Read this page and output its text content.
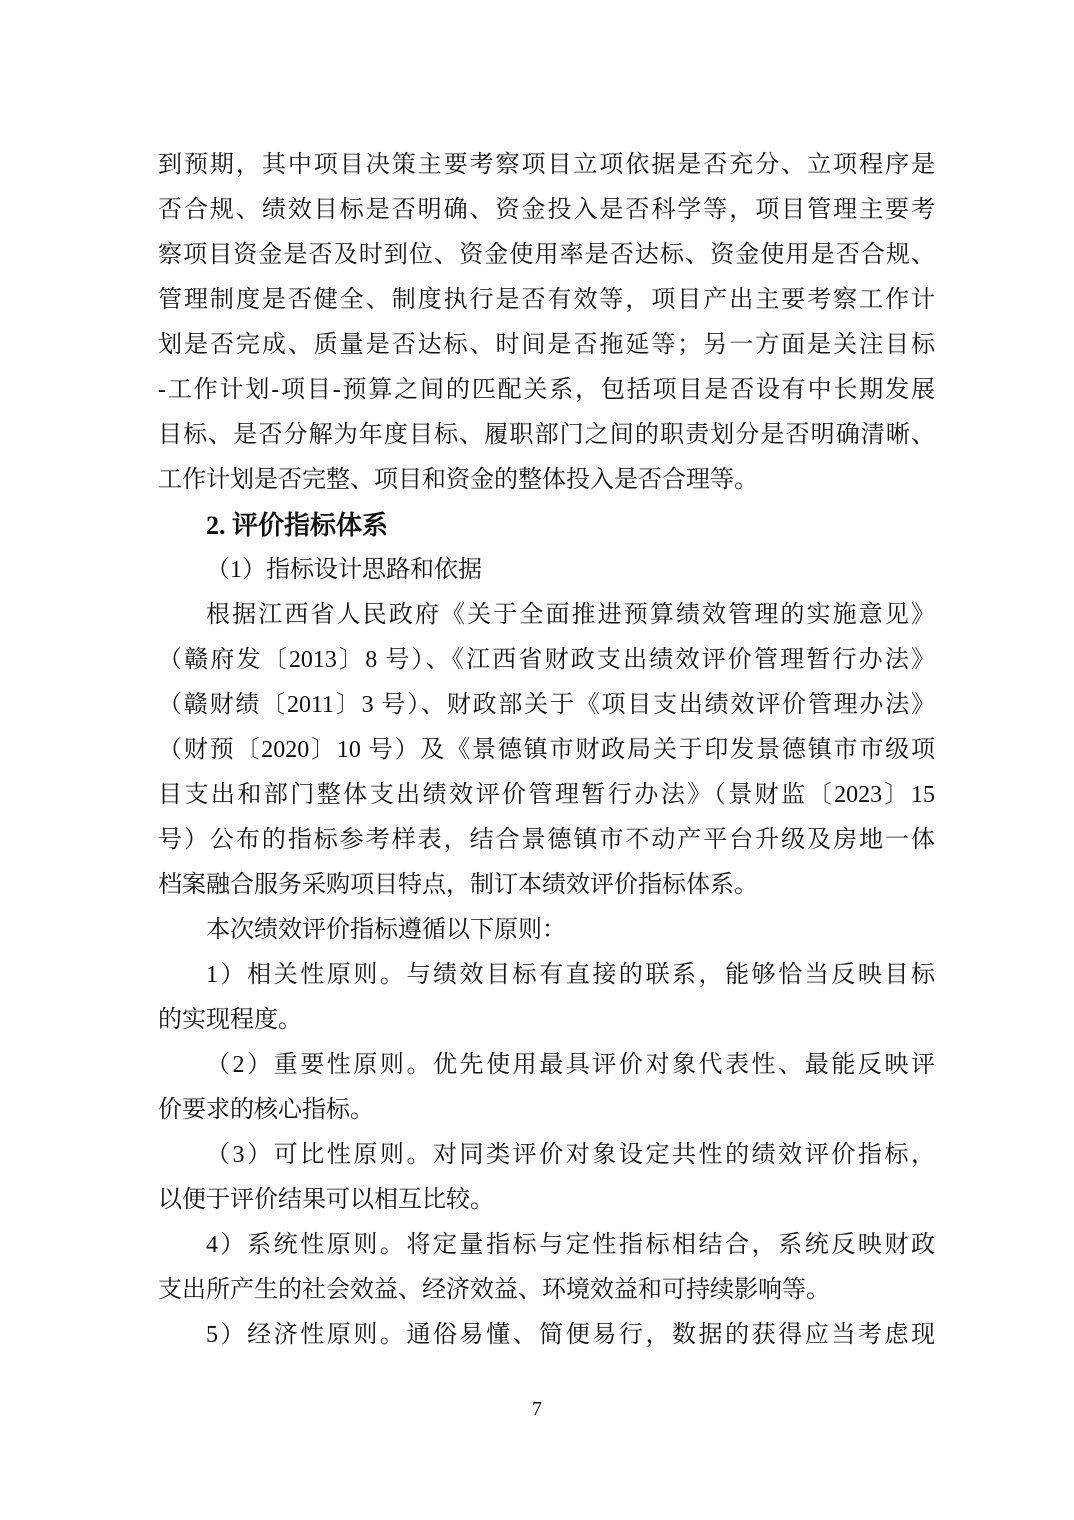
到预期，其中项目决策主要考察项目立项依据是否充分、立项程序是
否合规、绩效目标是否明确、资金投入是否科学等，项目管理主要考
察项目资金是否及时到位、资金使用率是否达标、资金使用是否合规、
管理制度是否健全、制度执行是否有效等，项目产出主要考察工作计
划是否完成、质量是否达标、时间是否拖延等；另一方面是关注目标
-工作计划-项目-预算之间的匹配关系，包括项目是否设有中长期发展
目标、是否分解为年度目标、履职部门之间的职责划分是否明确清晰、
工作计划是否完整、项目和资金的整体投入是否合理等。
2. 评价指标体系
（1）指标设计思路和依据
根据江西省人民政府《关于全面推进预算绩效管理的实施意见》
（赣府发〔2013〕8 号）、《江西省财政支出绩效评价管理暂行办法》
（赣财绩〔2011〕3 号）、财政部关于《项目支出绩效评价管理办法》
（财预〔2020〕10 号）及《景德镇市财政局关于印发景德镇市市级项
目支出和部门整体支出绩效评价管理暂行办法》（景财监〔2023〕15
号）公布的指标参考样表，结合景德镇市不动产平台升级及房地一体
档案融合服务采购项目特点，制订本绩效评价指标体系。
本次绩效评价指标遵循以下原则：
1）相关性原则。与绩效目标有直接的联系，能够恰当反映目标
的实现程度。
（2）重要性原则。优先使用最具评价对象代表性、最能反映评
价要求的核心指标。
（3）可比性原则。对同类评价对象设定共性的绩效评价指标，
以便于评价结果可以相互比较。
4）系统性原则。将定量指标与定性指标相结合，系统反映财政
支出所产生的社会效益、经济效益、环境效益和可持续影响等。
5）经济性原则。通俗易懂、简便易行，数据的获得应当考虑现
7
